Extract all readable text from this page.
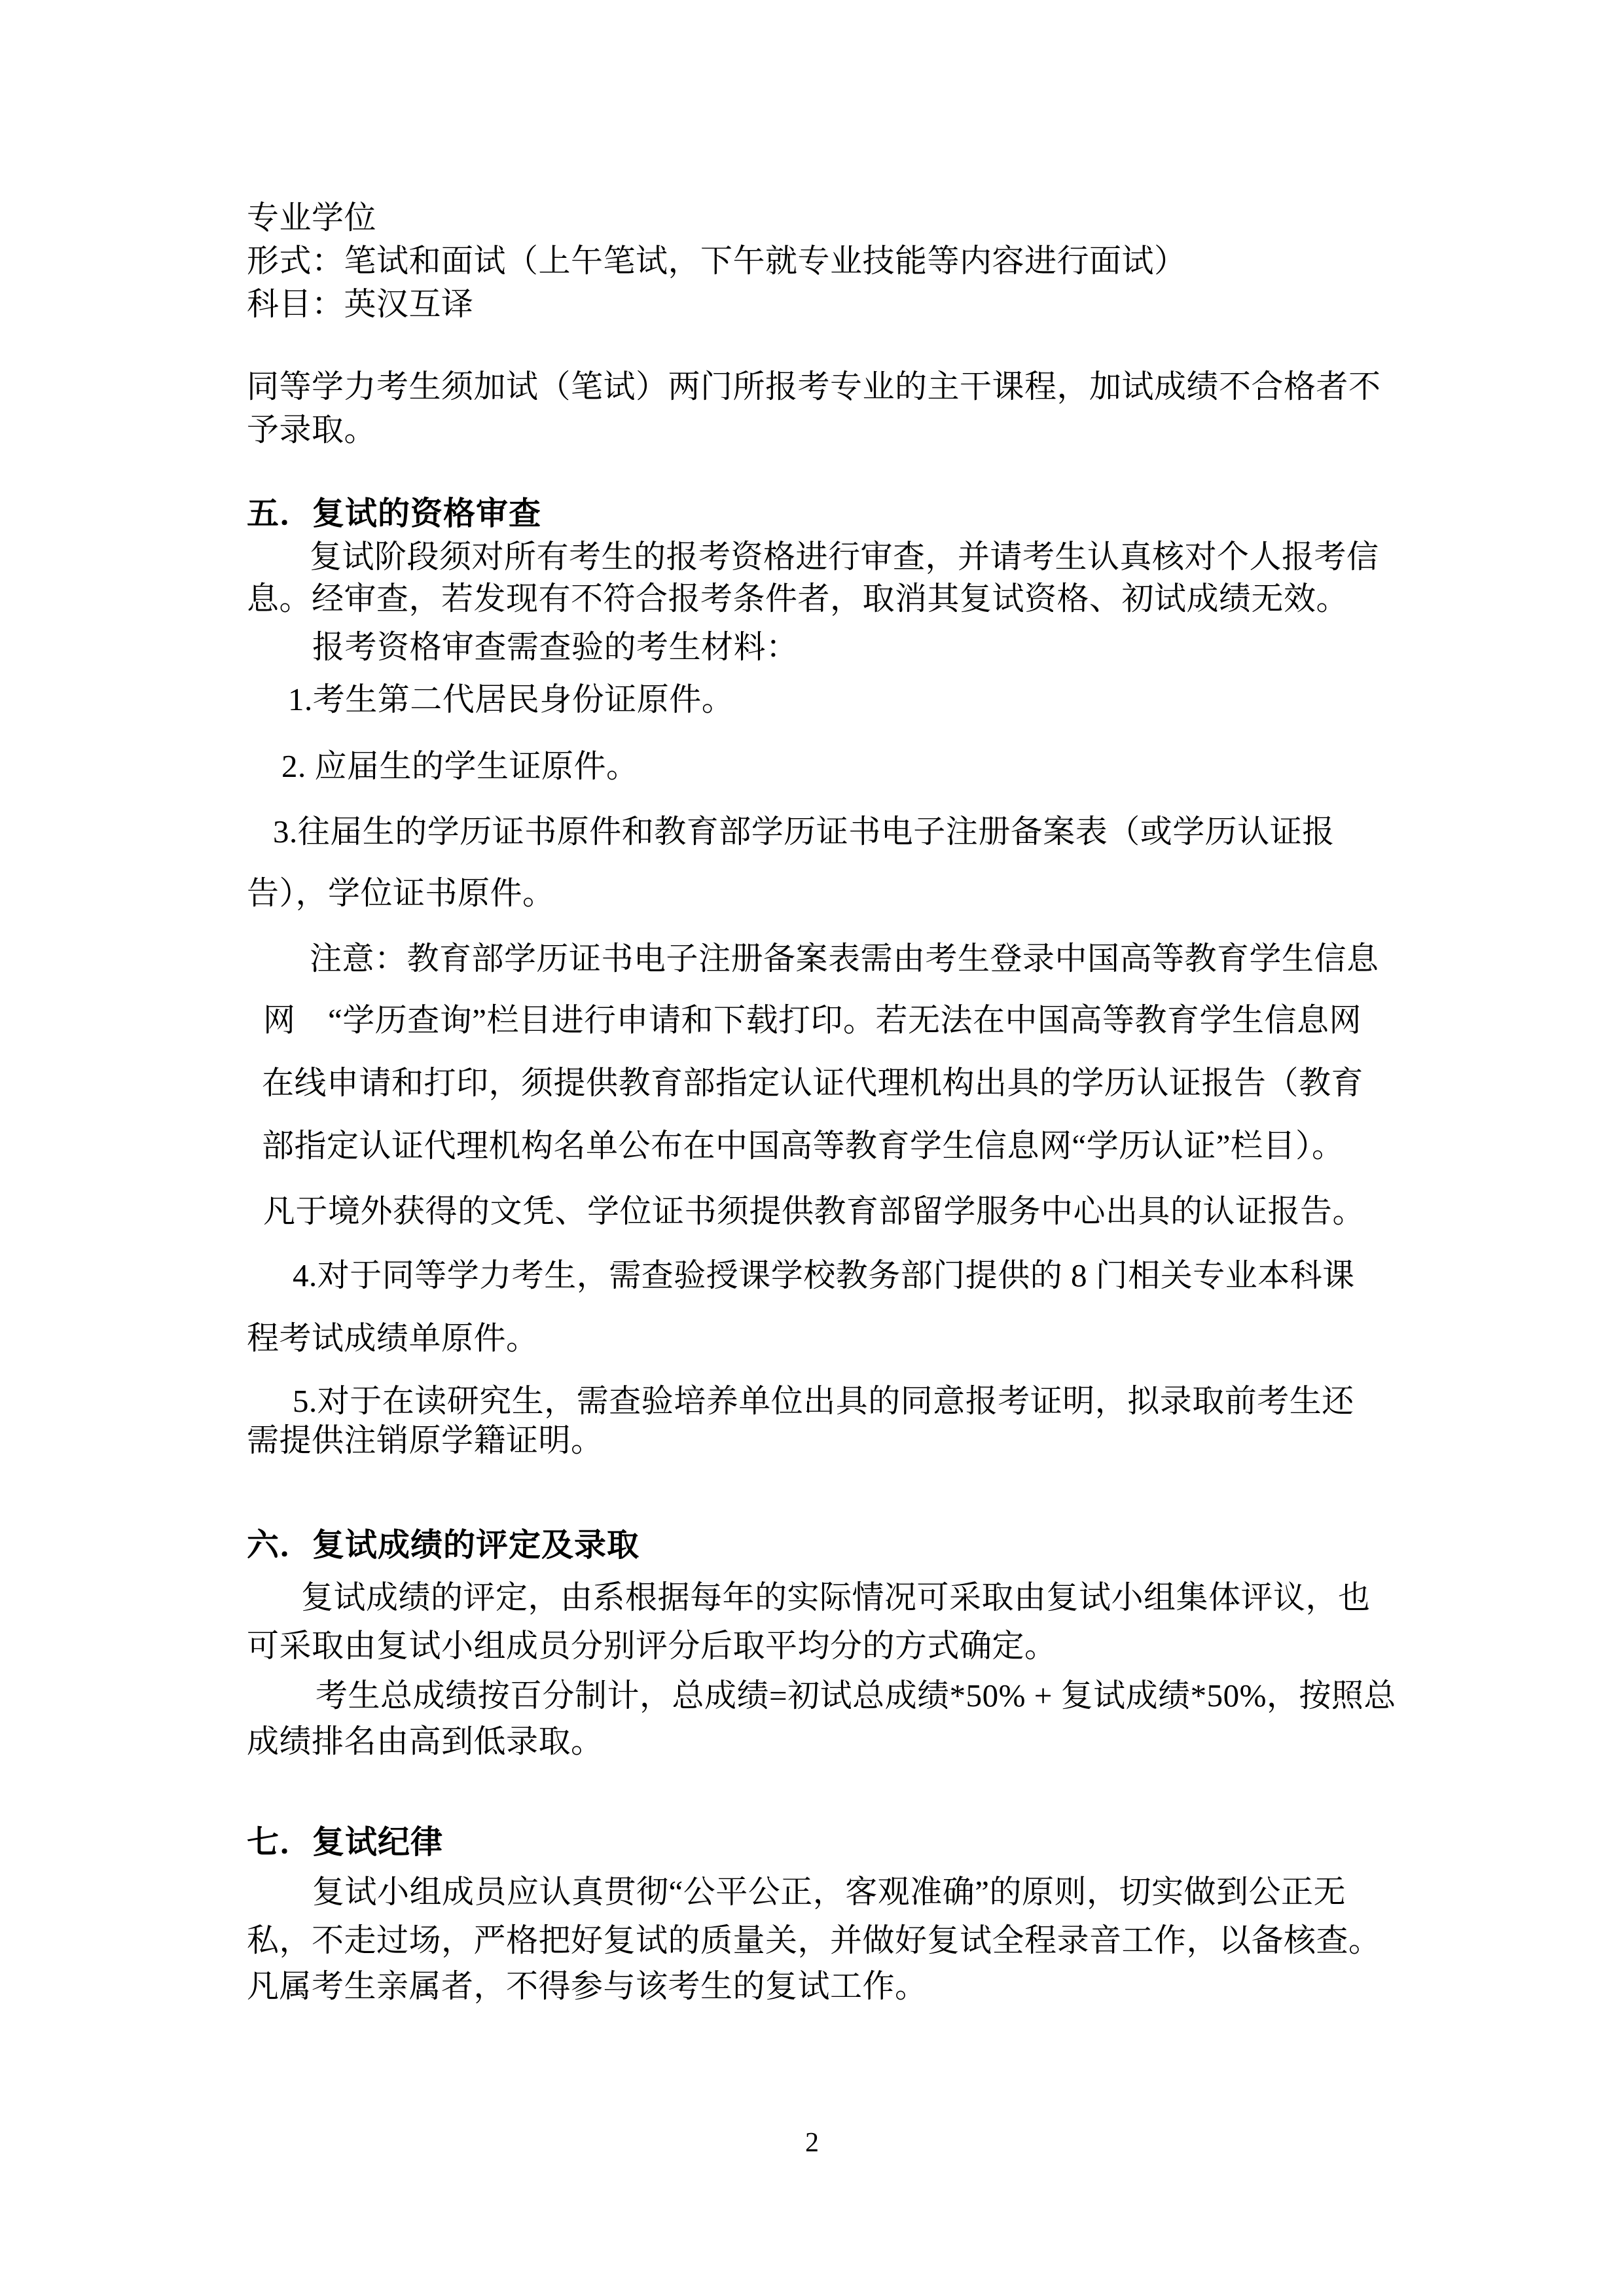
专业学位
形式：笔试和面试（上午笔试，下午就专业技能等内容进行面试）
科目：英汉互译
同等学力考生须加试（笔试）两门所报考专业的主干课程，加试成绩不合格者不
予录取。
五．复试的资格审查
复试阶段须对所有考生的报考资格进行审查，并请考生认真核对个人报考信
息。经审查，若发现有不符合报考条件者，取消其复试资格、初试成绩无效。
报考资格审查需查验的考生材料：
1.考生第二代居民身份证原件。
2. 应届生的学生证原件。
3.往届生的学历证书原件和教育部学历证书电子注册备案表（或学历认证报
告），学位证书原件。
注意：教育部学历证书电子注册备案表需由考生登录中国高等教育学生信息
网　“学历查询”栏目进行申请和下载打印。若无法在中国高等教育学生信息网
在线申请和打印，须提供教育部指定认证代理机构出具的学历认证报告（教育
部指定认证代理机构名单公布在中国高等教育学生信息网“学历认证”栏目）。
凡于境外获得的文凭、学位证书须提供教育部留学服务中心出具的认证报告。
4.对于同等学力考生，需查验授课学校教务部门提供的 8 门相关专业本科课
程考试成绩单原件。
5.对于在读研究生，需查验培养单位出具的同意报考证明，拟录取前考生还
需提供注销原学籍证明。
六．复试成绩的评定及录取
复试成绩的评定，由系根据每年的实际情况可采取由复试小组集体评议，也
可采取由复试小组成员分别评分后取平均分的方式确定。
考生总成绩按百分制计，总成绩=初试总成绩*50% + 复试成绩*50%，按照总
成绩排名由高到低录取。
七．复试纪律
复试小组成员应认真贯彻“公平公正，客观准确”的原则，切实做到公正无
私，不走过场，严格把好复试的质量关，并做好复试全程录音工作，以备核查。
凡属考生亲属者，不得参与该考生的复试工作。
2
